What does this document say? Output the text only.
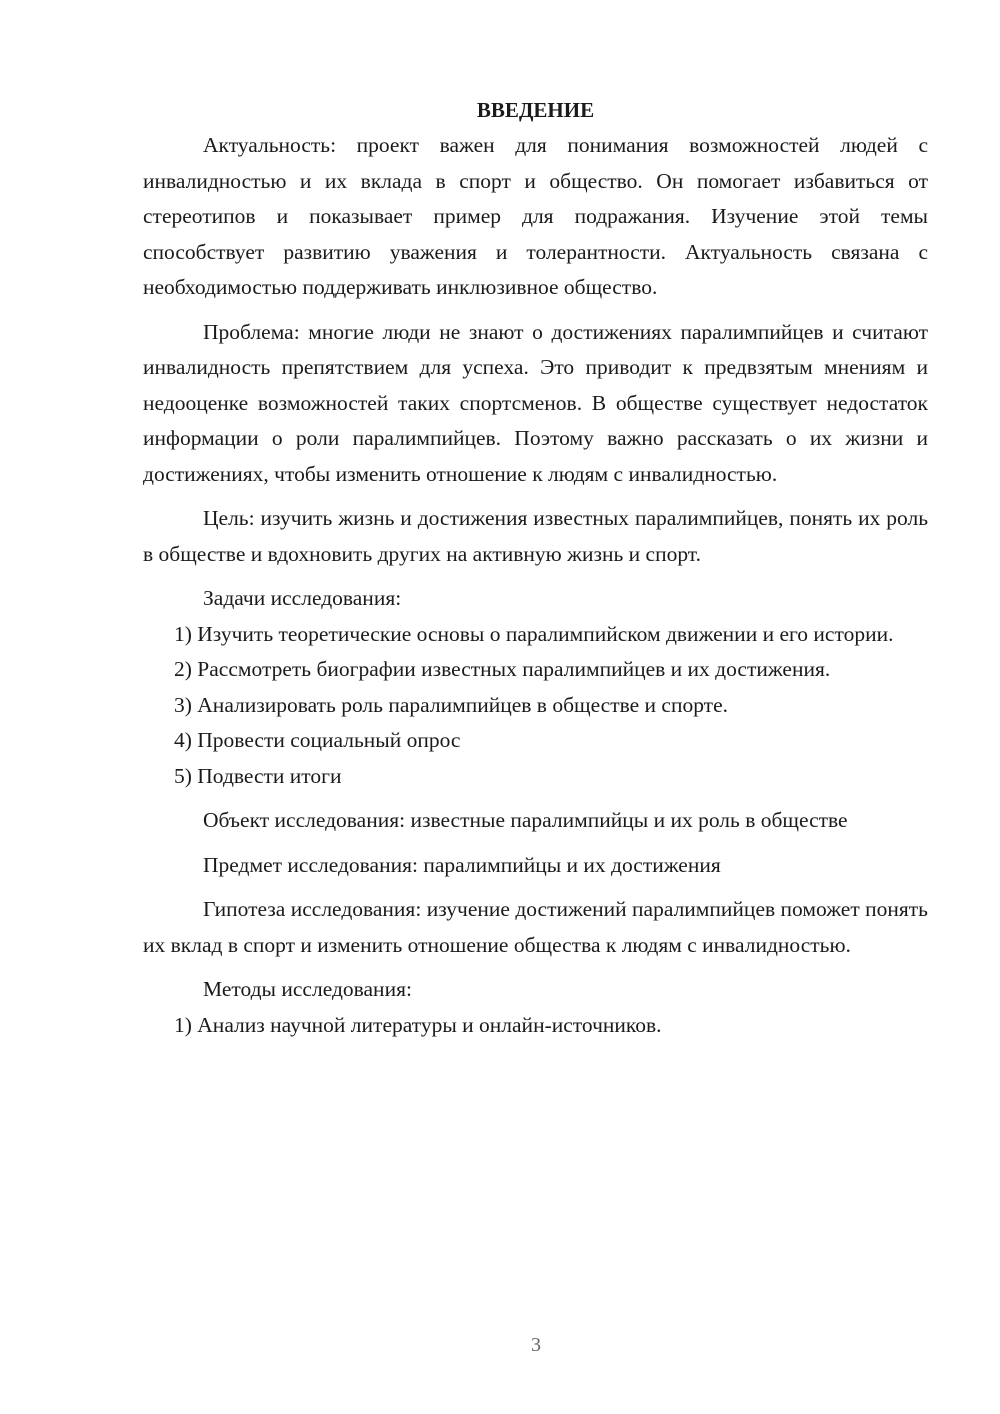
ВВЕДЕНИЕ

Актуальность: проект важен для понимания возможностей людей с инвалидностью и их вклада в спорт и общество. Он помогает избавиться от стереотипов и показывает пример для подражания. Изучение этой темы способствует развитию уважения и толерантности. Актуальность связана с необходимостью поддерживать инклюзивное общество.

Проблема: многие люди не знают о достижениях паралимпийцев и считают инвалидность препятствием для успеха. Это приводит к предвзятым мнениям и недооценке возможностей таких спортсменов. В обществе существует недостаток информации о роли паралимпийцев. Поэтому важно рассказать о их жизни и достижениях, чтобы изменить отношение к людям с инвалидностью.

Цель: изучить жизнь и достижения известных паралимпийцев, понять их роль в обществе и вдохновить других на активную жизнь и спорт.

Задачи исследования:

1) Изучить теоретические основы о паралимпийском движении и его истории.

2) Рассмотреть биографии известных паралимпийцев и их достижения.

3) Анализировать роль паралимпийцев в обществе и спорте.

4) Провести социальный опрос

5) Подвести итоги

Объект исследования: известные паралимпийцы и их роль в обществе

Предмет исследования: паралимпийцы и их достижения

Гипотеза исследования: изучение достижений паралимпийцев поможет понять их вклад в спорт и изменить отношение общества к людям с инвалидностью.

Методы исследования:

1) Анализ научной литературы и онлайн-источников.

3
